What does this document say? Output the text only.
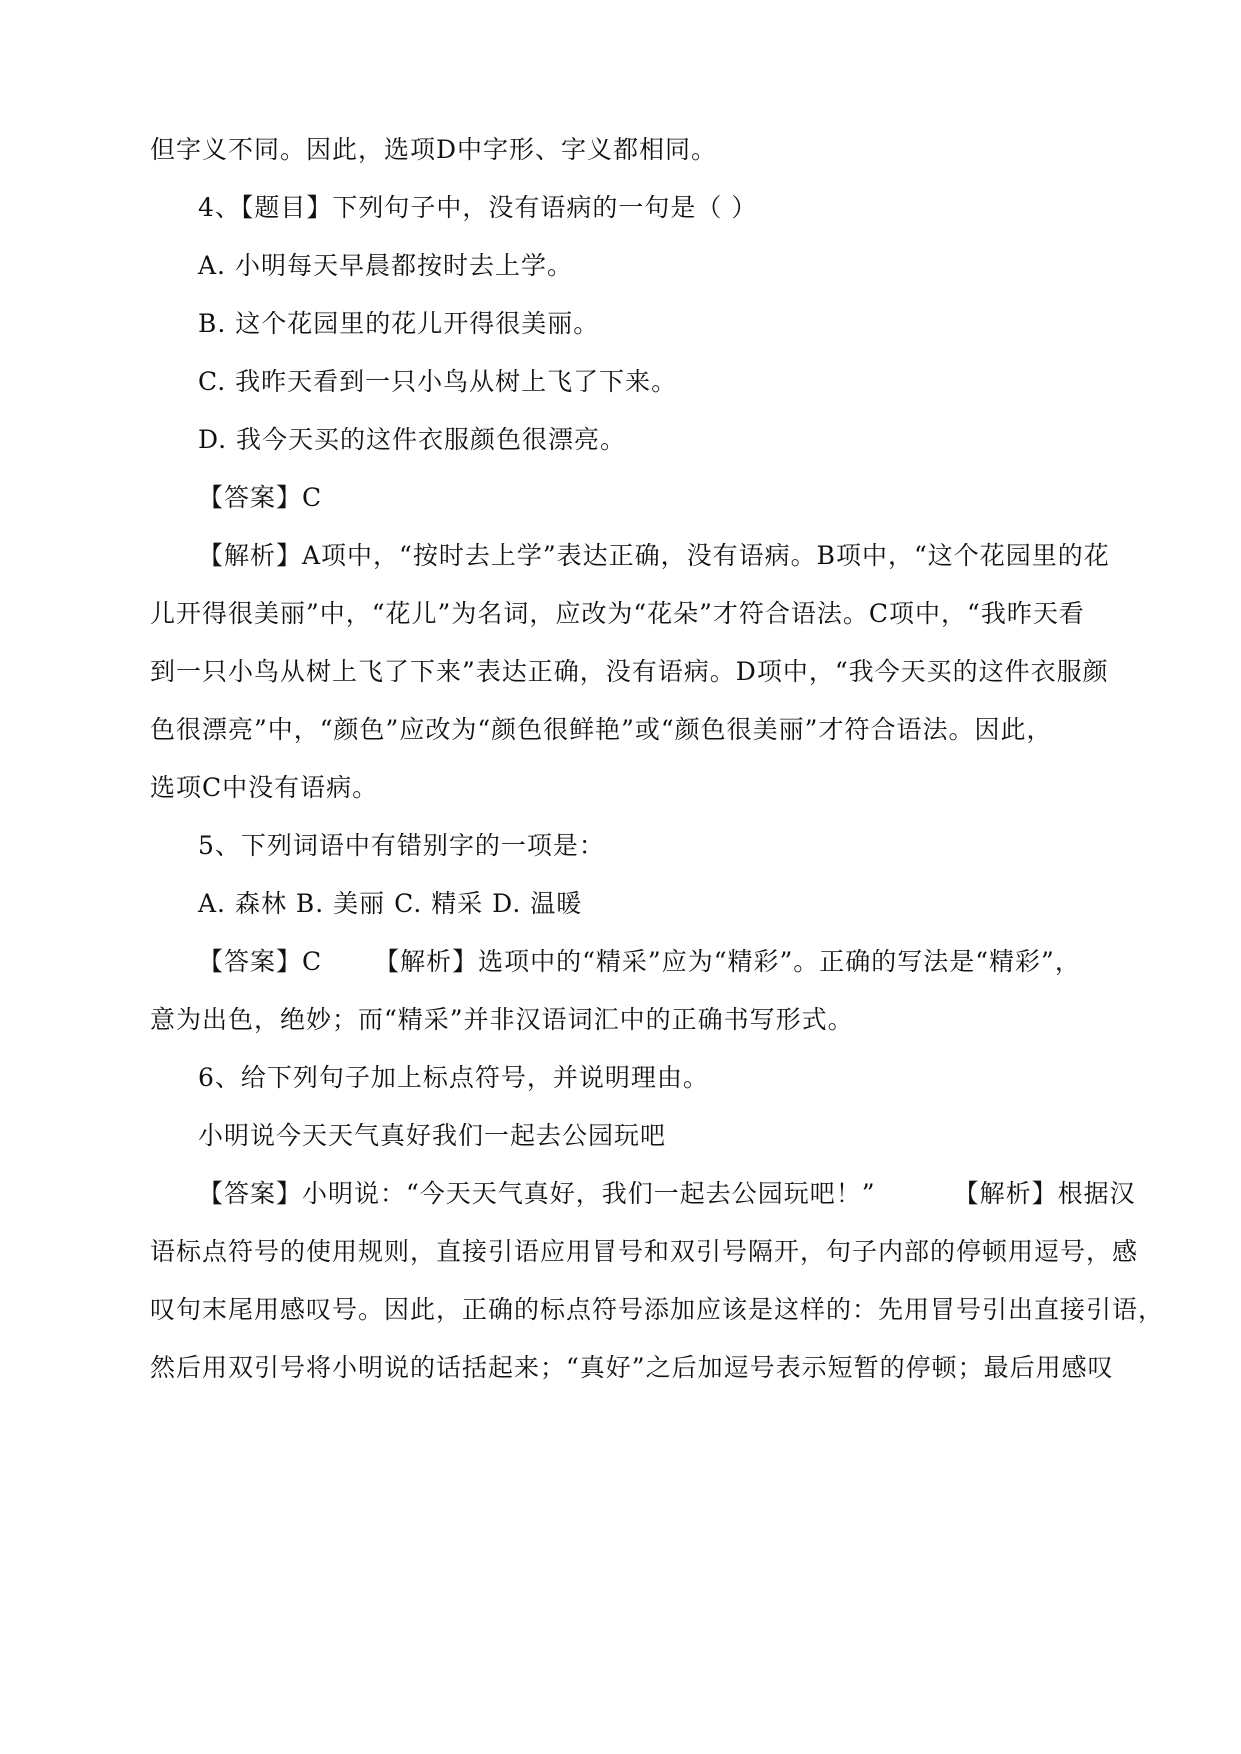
但字义不同。因此，选项D中字形、字义都相同。
4、【题目】下列句子中，没有语病的一句是（ ）
A. 小明每天早晨都按时去上学。
B. 这个花园里的花儿开得很美丽。
C. 我昨天看到一只小鸟从树上飞了下来。
D. 我今天买的这件衣服颜色很漂亮。
【答案】C
【解析】A项中，“按时去上学”表达正确，没有语病。B项中，“这个花园里的花
儿开得很美丽”中，“花儿”为名词，应改为“花朵”才符合语法。C项中，“我昨天看
到一只小鸟从树上飞了下来”表达正确，没有语病。D项中，“我今天买的这件衣服颜
色很漂亮”中，“颜色”应改为“颜色很鲜艳”或“颜色很美丽”才符合语法。因此，
选项C中没有语病。
5、下列词语中有错别字的一项是：
A. 森林 B. 美丽 C. 精采 D. 温暖
【答案】C 【解析】选项中的“精采”应为“精彩”。正确的写法是“精彩”，
意为出色，绝妙；而“精采”并非汉语词汇中的正确书写形式。
6、给下列句子加上标点符号，并说明理由。
小明说今天天气真好我们一起去公园玩吧
【答案】小明说：“今天天气真好，我们一起去公园玩吧！”	【解析】根据汉
语标点符号的使用规则，直接引语应用冒号和双引号隔开，句子内部的停顿用逗号，感
叹句末尾用感叹号。因此，正确的标点符号添加应该是这样的：先用冒号引出直接引语，
然后用双引号将小明说的话括起来；“真好”之后加逗号表示短暂的停顿；最后用感叹
